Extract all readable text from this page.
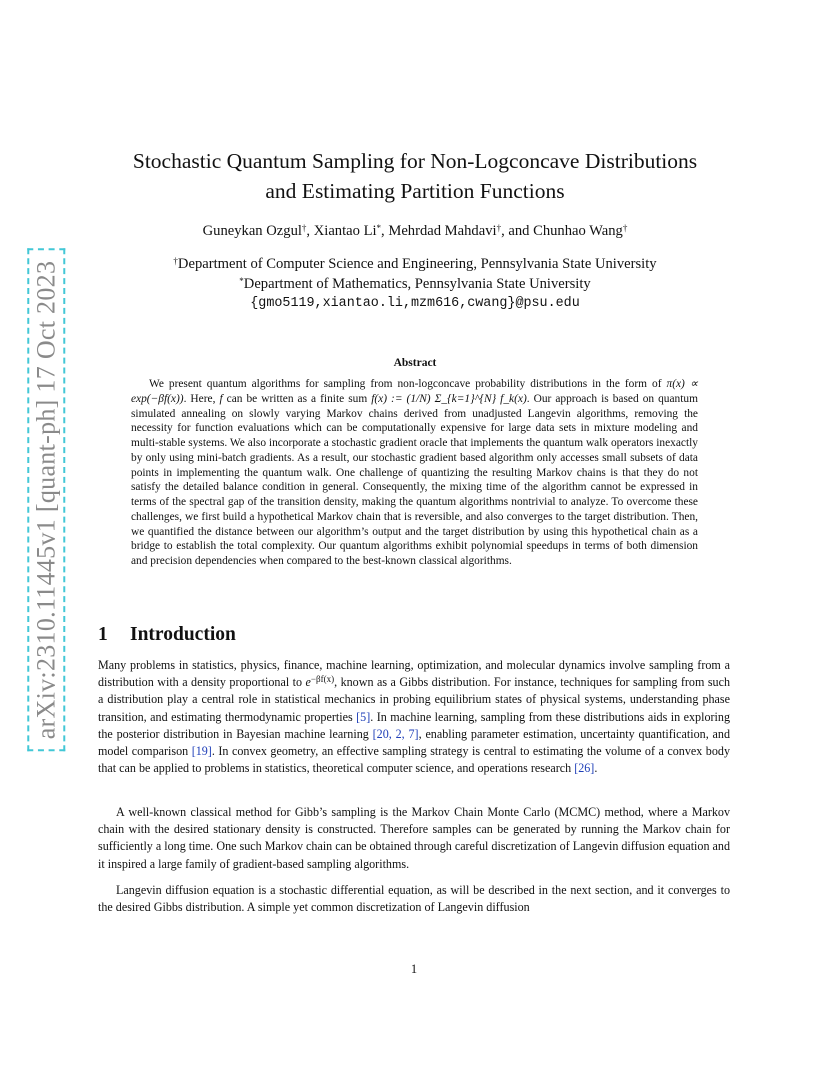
arXiv:2310.11445v1 [quant-ph] 17 Oct 2023
Stochastic Quantum Sampling for Non-Logconcave Distributions
and Estimating Partition Functions
Guneykan Ozgul†, Xiantao Li*, Mehrdad Mahdavi†, and Chunhao Wang†
†Department of Computer Science and Engineering, Pennsylvania State University
*Department of Mathematics, Pennsylvania State University
{gmo5119,xiantao.li,mzm616,cwang}@psu.edu
Abstract

We present quantum algorithms for sampling from non-logconcave probability distributions in the form of π(x) ∝ exp(−βf(x)). Here, f can be written as a finite sum f(x) := (1/N) Σ_{k=1}^{N} f_k(x). Our approach is based on quantum simulated annealing on slowly varying Markov chains derived from unadjusted Langevin algorithms, removing the necessity for function evaluations which can be computationally expensive for large data sets in mixture modeling and multi-stable systems. We also incorporate a stochastic gradient oracle that implements the quantum walk operators inexactly by only using mini-batch gradients. As a result, our stochastic gradient based algorithm only accesses small subsets of data points in implementing the quantum walk. One challenge of quantizing the resulting Markov chains is that they do not satisfy the detailed balance condition in general. Consequently, the mixing time of the algorithm cannot be expressed in terms of the spectral gap of the transition density, making the quantum algorithms nontrivial to analyze. To overcome these challenges, we first build a hypothetical Markov chain that is reversible, and also converges to the target distribution. Then, we quantified the distance between our algorithm’s output and the target distribution by using this hypothetical chain as a bridge to establish the total complexity. Our quantum algorithms exhibit polynomial speedups in terms of both dimension and precision dependencies when compared to the best-known classical algorithms.

1 Introduction

Many problems in statistics, physics, finance, machine learning, optimization, and molecular dynamics involve sampling from a distribution with a density proportional to $e^{-\beta f(x)}$, known as a Gibbs distribution. For instance, techniques for sampling from such a distribution play a central role in statistical mechanics in probing equilibrium states of physical systems, understanding phase transition, and estimating thermodynamic properties [5]. In machine learning, sampling from these distributions aids in exploring the posterior distribution in Bayesian machine learning [20, 2, 7], enabling parameter estimation, uncertainty quantification, and model comparison [19]. In convex geometry, an effective sampling strategy is central to estimating the volume of a convex body that can be applied to problems in statistics, theoretical computer science, and operations research [26].

A well-known classical method for Gibb’s sampling is the Markov Chain Monte Carlo (MCMC) method, where a Markov chain with the desired stationary density is constructed. Therefore samples can be generated by running the Markov chain for sufficiently a long time. One such Markov chain can be obtained through careful discretization of Langevin diffusion equation and it inspired a large family of gradient-based sampling algorithms.

Langevin diffusion equation is a stochastic differential equation, as will be described in the next section, and it converges to the desired Gibbs distribution. A simple yet common discretization of Langevin diffusion

1
